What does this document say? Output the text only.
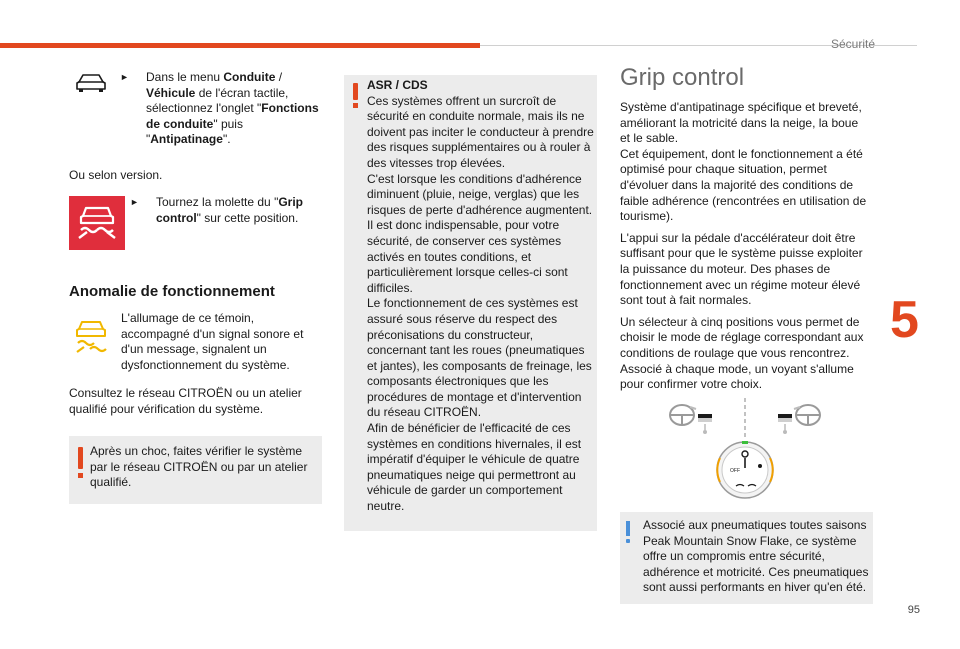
Sécurité
5
95
►	Dans le menu Conduite / Véhicule de l'écran tactile, sélectionnez l'onglet "Fonctions de conduite" puis "Antipatinage".
Ou selon version.
►	Tournez la molette du "Grip control" sur cette position.
Anomalie de fonctionnement
L'allumage de ce témoin, accompagné d'un signal sonore et d'un message, signalent un dysfonctionnement du système.
Consultez le réseau CITROËN ou un atelier qualifié pour vérification du système.
Après un choc, faites vérifier le système par le réseau CITROËN ou par un atelier qualifié.
ASR / CDS
Ces systèmes offrent un surcroît de sécurité en conduite normale, mais ils ne doivent pas inciter le conducteur à prendre des risques supplémentaires ou à rouler à des vitesses trop élevées.
C'est lorsque les conditions d'adhérence diminuent (pluie, neige, verglas) que les risques de perte d'adhérence augmentent. Il est donc indispensable, pour votre sécurité, de conserver ces systèmes activés en toutes conditions, et particulièrement lorsque celles-ci sont difficiles.
Le fonctionnement de ces systèmes est assuré sous réserve du respect des préconisations du constructeur, concernant tant les roues (pneumatiques et jantes), les composants de freinage, les composants électroniques que les procédures de montage et d'intervention du réseau CITROËN.
Afin de bénéficier de l'efficacité de ces systèmes en conditions hivernales, il est impératif d'équiper le véhicule de quatre pneumatiques neige qui permettront au véhicule de garder un comportement neutre.
Grip control
Système d'antipatinage spécifique et breveté, améliorant la motricité dans la neige, la boue et le sable.
Cet équipement, dont le fonctionnement a été optimisé pour chaque situation, permet d'évoluer dans la majorité des conditions de faible adhérence (rencontrées en utilisation de tourisme).
L'appui sur la pédale d'accélérateur doit être suffisant pour que le système puisse exploiter la puissance du moteur. Des phases de fonctionnement avec un régime moteur élevé sont tout à fait normales.
Un sélecteur à cinq positions vous permet de choisir le mode de réglage correspondant aux conditions de roulage que vous rencontrez. Associé à chaque mode, un voyant s'allume pour confirmer votre choix.
OFF
Associé aux pneumatiques toutes saisons Peak Mountain Snow Flake, ce système offre un compromis entre sécurité, adhérence et motricité. Ces pneumatiques sont aussi performants en hiver qu'en été.
